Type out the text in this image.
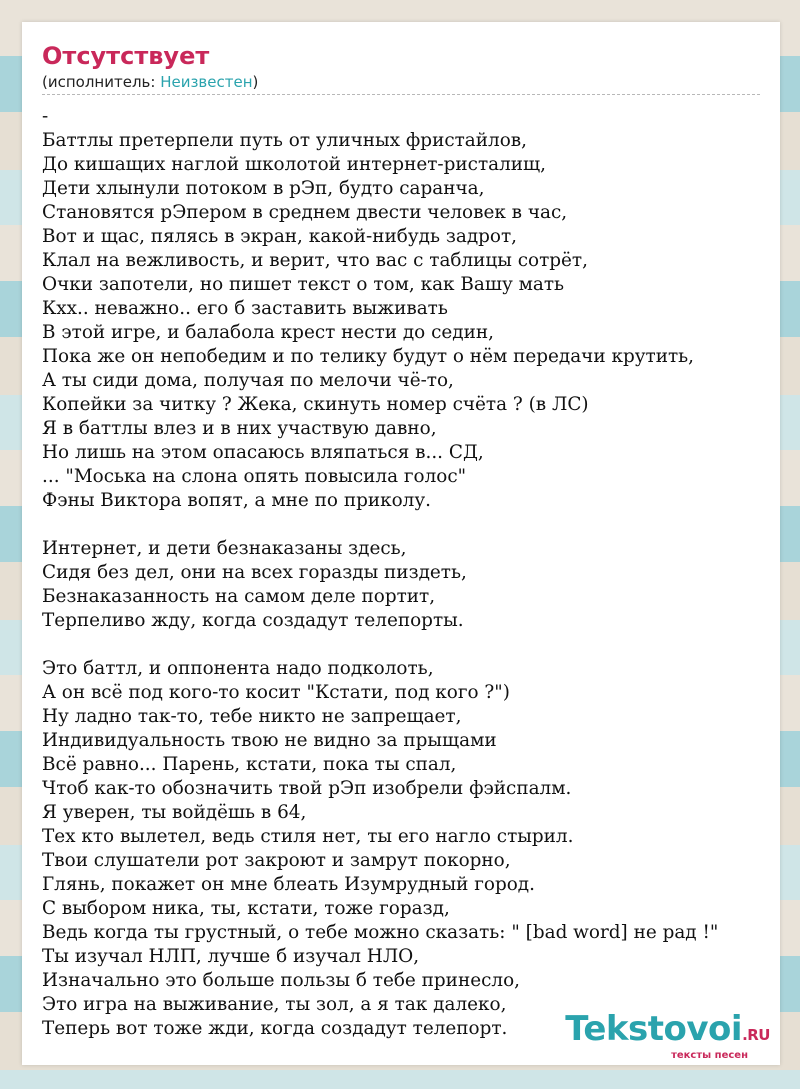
Отсутствует
(исполнитель: Неизвестен)
-
Баттлы претерпели путь от уличных фристайлов,
До кишащих наглой школотой интернет-ристалищ,
Дети хлынули потоком в рЭп, будто саранча,
Становятся рЭпером в среднем двести человек в час,
Вот и щас, пялясь в экран, какой-нибудь задрот,
Клал на вежливость, и верит, что вас с таблицы сотрёт,
Очки запотели, но пишет текст о том, как Вашу мать
Кхх.. неважно.. его б заставить выживать
В этой игре, и балабола крест нести до седин,
Пока же он непобедим и по телику будут о нём передачи крутить,
А ты сиди дома, получая по мелочи чё-то,
Копейки за читку ? Жека, скинуть номер счёта ? (в ЛС)
Я в баттлы влез и в них участвую давно,
Но лишь на этом опасаюсь вляпаться в... СД,
... "Моська на слона опять повысила голос"
Фэны Виктора вопят, а мне по приколу.

Интернет, и дети безнаказаны здесь,
Сидя без дел, они на всех горазды пиздеть,
Безнаказанность на самом деле портит,
Терпеливо жду, когда создадут телепорты.

Это баттл, и оппонента надо подколоть,
А он всё под кого-то косит "Кстати, под кого ?")
Ну ладно так-то, тебе никто не запрещает,
Индивидуальность твою не видно за прыщами
Всё равно... Парень, кстати, пока ты спал,
Чтоб как-то обозначить твой рЭп изобрели фэйспалм.
Я уверен, ты войдёшь в 64,
Тех кто вылетел, ведь стиля нет, ты его нагло стырил.
Твои слушатели рот закроют и замрут покорно,
Глянь, покажет он мне блеать Изумрудный город.
С выбором ника, ты, кстати, тоже горазд,
Ведь когда ты грустный, о тебе можно сказать: " [bad word] не рад !"
Ты изучал НЛП, лучше б изучал НЛО,
Изначально это больше пользы б тебе принесло,
Это игра на выживание, ты зол, а я так далеко,
Теперь вот тоже жди, когда создадут телепорт.	Tekstovoi.RU
тексты песен
